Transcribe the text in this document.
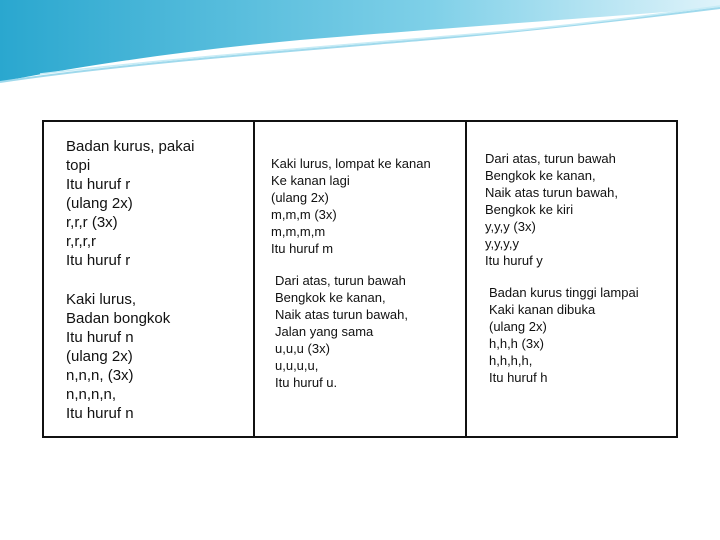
Badan kurus, pakai
topi
Itu huruf r
(ulang 2x)
r,r,r (3x)
r,r,r,r
Itu huruf r
Kaki lurus,
Badan bongkok
Itu huruf n
(ulang 2x)
n,n,n, (3x)
n,n,n,n,
Itu huruf n
Kaki lurus, lompat ke kanan
Ke kanan lagi
(ulang 2x)
m,m,m (3x)
m,m,m,m
Itu huruf m
Dari atas, turun bawah
Bengkok ke kanan,
Naik atas turun bawah,
Jalan yang sama
u,u,u (3x)
u,u,u,u,
Itu huruf u.
Dari atas, turun bawah
Bengkok ke kanan,
Naik atas turun bawah,
Bengkok ke kiri
y,y,y (3x)
y,y,y,y
Itu huruf y
Badan kurus tinggi lampai
Kaki kanan dibuka
(ulang 2x)
h,h,h (3x)
h,h,h,h,
Itu huruf h
